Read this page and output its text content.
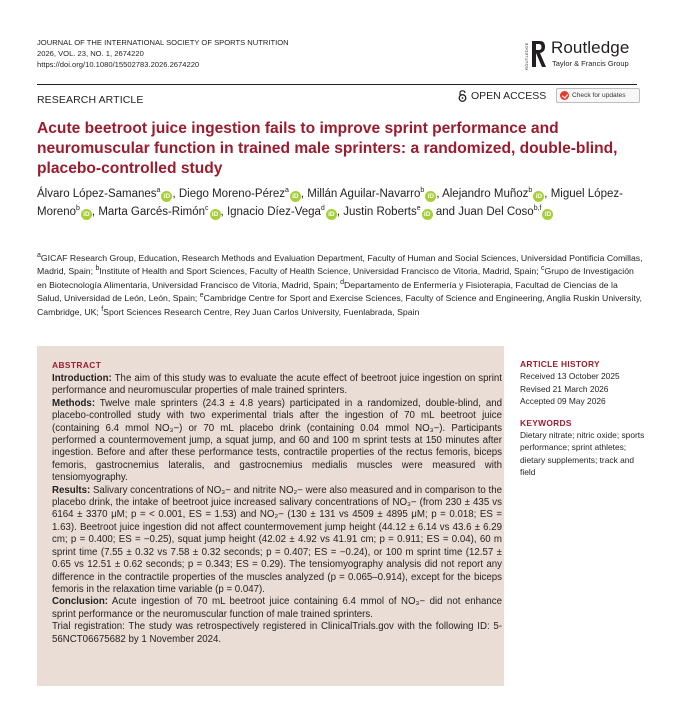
JOURNAL OF THE INTERNATIONAL SOCIETY OF SPORTS NUTRITION
2026, VOL. 23, NO. 1, 2674220
https://doi.org/10.1080/15502783.2026.2674220	ROUTLEDGE Routledge
Taylor & Francis Group
RESEARCH ARTICLE	OPEN ACCESS	Check for updates
Acute beetroot juice ingestion fails to improve sprint performance and neuromuscular function in trained male sprinters: a randomized, double-blind, placebo-controlled study
Álvaro López-Samanes$^a$iD , Diego Moreno-Pérez$^a$iD , Millán Aguilar-Navarro$^b$iD , Alejandro Muñoz$^b$iD , Miguel López-Moreno$^b$iD , Marta Garcés-Rimón$^c$iD , Ignacio Díez-Vega$^d$iD , Justin Roberts$^e$iD and Juan Del Coso$^{b,f}$iD
$^a$GICAF Research Group, Education, Research Methods and Evaluation Department, Faculty of Human and Social Sciences, Universidad Pontificia Comillas, Madrid, Spain; $^b$Institute of Health and Sport Sciences, Faculty of Health Science, Universidad Francisco de Vitoria, Madrid, Spain; $^c$Grupo de Investigación en Biotecnología Alimentaria, Universidad Francisco de Vitoria, Madrid, Spain; $^d$Departamento de Enfermería y Fisioterapia, Facultad de Ciencias de la Salud, Universidad de León, León, Spain; $^e$Cambridge Centre for Sport and Exercise Sciences, Faculty of Science and Engineering, Anglia Ruskin University, Cambridge, UK; $^f$Sport Sciences Research Centre, Rey Juan Carlos University, Fuenlabrada, Spain
ABSTRACT

Introduction: The aim of this study was to evaluate the acute effect of beetroot juice ingestion on sprint performance and neuromuscular properties of male trained sprinters.

Methods: Twelve male sprinters (24.3 ± 4.8 years) participated in a randomized, double-blind, and placebo-controlled study with two experimental trials after the ingestion of 70 mL beetroot juice (containing 6.4 mmol NO₃−) or 70 mL placebo drink (containing 0.04 mmol NO₃−). Participants performed a countermovement jump, a squat jump, and 60 and 100 m sprint tests at 150 minutes after ingestion. Before and after these performance tests, contractile properties of the rectus femoris, biceps femoris, gastrocnemius lateralis, and gastrocnemius medialis muscles were measured with tensiomyography.

Results: Salivary concentrations of NO₃− and nitrite NO₂− were also measured and in comparison to the placebo drink, the intake of beetroot juice increased salivary concentrations of NO₃− (from 230 ± 435 vs 6164 ± 3370 μM; p = < 0.001, ES = 1.53) and NO₂− (130 ± 131 vs 4509 ± 4895 μM; p = 0.018; ES = 1.63). Beetroot juice ingestion did not affect countermovement jump height (44.12 ± 6.14 vs 43.6 ± 6.29 cm; p = 0.400; ES = −0.25), squat jump height (42.02 ± 4.92 vs 41.91 cm; p = 0.911; ES = 0.04), 60 m sprint time (7.55 ± 0.32 vs 7.58 ± 0.32 seconds; p = 0.407; ES = −0.24), or 100 m sprint time (12.57 ± 0.65 vs 12.51 ± 0.62 seconds; p = 0.343; ES = 0.29). The tensiomyography analysis did not report any difference in the contractile properties of the muscles analyzed (p = 0.065–0.914), except for the biceps femoris in the relaxation time variable (p = 0.047).

Conclusion: Acute ingestion of 70 mL beetroot juice containing 6.4 mmol of NO₃− did not enhance sprint performance or the neuromuscular function of male trained sprinters.

Trial registration: The study was retrospectively registered in ClinicalTrials.gov with the following ID: 5-56NCT06675682 by 1 November 2024.

ARTICLE HISTORY
Received 13 October 2025
Revised 21 March 2026
Accepted 09 May 2026
KEYWORDS
Dietary nitrate; nitric oxide; sports performance; sprint athletes; dietary supplements; track and field
